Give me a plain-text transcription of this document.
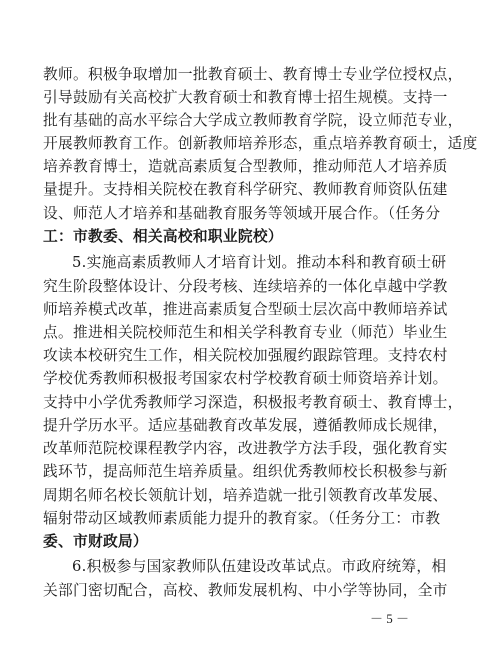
教师。积极争取增加一批教育硕士、教育博士专业学位授权点，
引导鼓励有关高校扩大教育硕士和教育博士招生规模。支持一
批有基础的高水平综合大学成立教师教育学院，设立师范专业，
开展教师教育工作。创新教师培养形态，重点培养教育硕士，适度
培养教育博士，造就高素质复合型教师，推动师范人才培养质
量提升。支持相关院校在教育科学研究、教师教育师资队伍建
设、师范人才培养和基础教育服务等领域开展合作。（任务分
工：市教委、相关高校和职业院校）
5.实施高素质教师人才培育计划。推动本科和教育硕士研
究生阶段整体设计、分段考核、连续培养的一体化卓越中学教
师培养模式改革，推进高素质复合型硕士层次高中教师培养试
点。推进相关院校师范生和相关学科教育专业（师范）毕业生
攻读本校研究生工作，相关院校加强履约跟踪管理。支持农村
学校优秀教师积极报考国家农村学校教育硕士师资培养计划。
支持中小学优秀教师学习深造，积极报考教育硕士、教育博士，
提升学历水平。适应基础教育改革发展，遵循教师成长规律，
改革师范院校课程教学内容，改进教学方法手段，强化教育实
践环节，提高师范生培养质量。组织优秀教师校长积极参与新
周期名师名校长领航计划，培养造就一批引领教育改革发展、
辐射带动区域教师素质能力提升的教育家。（任务分工：市教
委、市财政局）
6.积极参与国家教师队伍建设改革试点。市政府统筹，相
关部门密切配合，高校、教师发展机构、中小学等协同，全市
－ 5 －
